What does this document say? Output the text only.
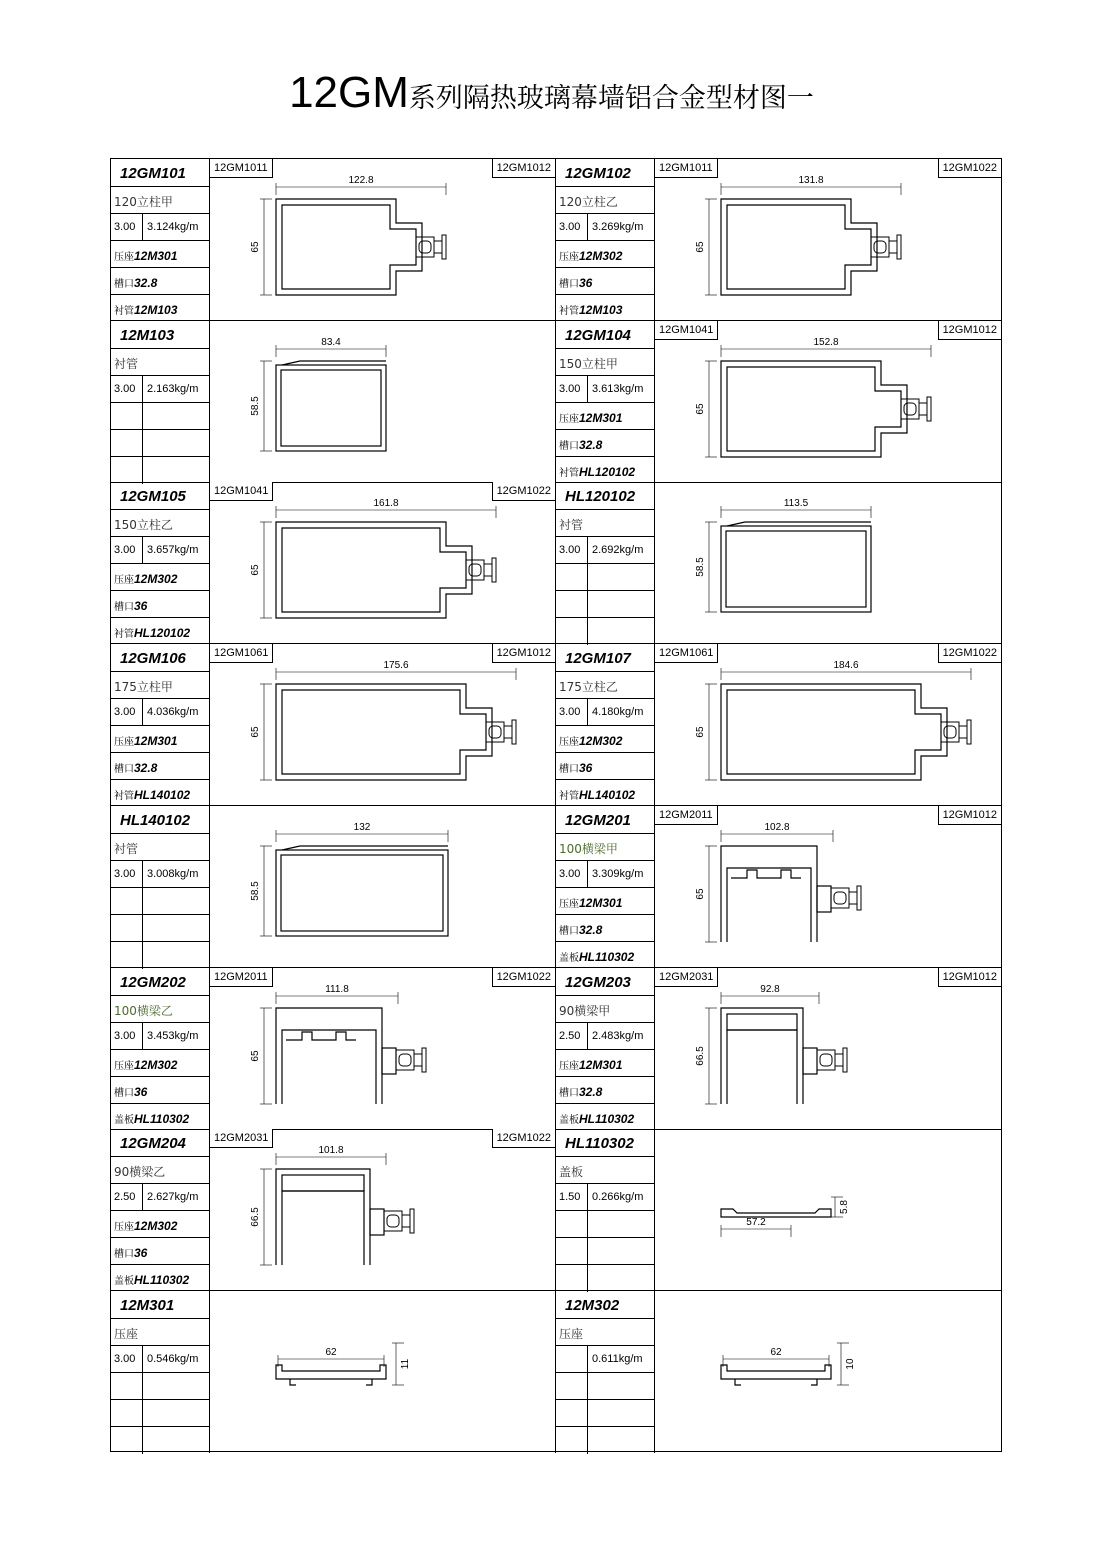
12GM系列隔热玻璃幕墙铝合金型材图一
12GM101
120立柱甲
3.00 3.124kg/m
压座12M301
槽口32.8
衬管12M103
12GM1011	12GM1012
122.8
65
12GM102
120立柱乙
3.00 3.269kg/m
压座12M302
槽口36
衬管12M103
12GM1011	12GM1022
131.8
65
12M103
衬管
3.00 2.163kg/m
83.4
58.5
12GM104
150立柱甲
3.00 3.613kg/m
压座12M301
槽口32.8
衬管HL120102
12GM1041	12GM1012
152.8
65
12GM105
150立柱乙
3.00 3.657kg/m
压座12M302
槽口36
衬管HL120102
12GM1041	12GM1022
161.8
65
HL120102
衬管
3.00 2.692kg/m
113.5
58.5
12GM106
175立柱甲
3.00 4.036kg/m
压座12M301
槽口32.8
衬管HL140102
12GM1061	12GM1012
175.6
65
12GM107
175立柱乙
3.00 4.180kg/m
压座12M302
槽口36
衬管HL140102
12GM1061	12GM1022
184.6
65
HL140102
衬管
3.00 3.008kg/m
132
58.5
12GM201
100横梁甲
3.00 3.309kg/m
压座12M301
槽口32.8
盖板HL110302
12GM2011	12GM1012
102.8
65
12GM202
100横梁乙
3.00 3.453kg/m
压座12M302
槽口36
盖板HL110302
12GM2011	12GM1022
111.8
65
12GM203
90横梁甲
2.50 2.483kg/m
压座12M301
槽口32.8
盖板HL110302
12GM2031	12GM1012
92.8
66.5
12GM204
90横梁乙
2.50 2.627kg/m
压座12M302
槽口36
盖板HL110302
12GM2031	12GM1022
101.8
66.5
HL110302
盖板
1.50 0.266kg/m
57.2
5.8
12M301
压座
3.00 0.546kg/m
62
11
12M302
压座
0.611kg/m
62
10
